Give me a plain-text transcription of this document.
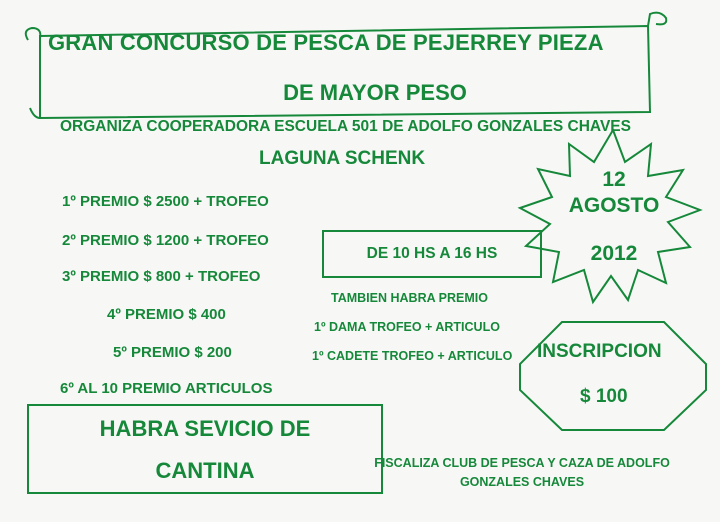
GRAN CONCURSO DE PESCA DE PEJERREY PIEZA
DE MAYOR PESO
ORGANIZA COOPERADORA ESCUELA 501 DE ADOLFO GONZALES CHAVES
LAGUNA SCHENK
1º PREMIO $ 2500 + TROFEO
2º PREMIO $ 1200 + TROFEO
3º PREMIO $ 800 + TROFEO
4º PREMIO $ 400
5º PREMIO $ 200
6º AL 10 PREMIO ARTICULOS
DE 10 HS A 16 HS
TAMBIEN HABRA PREMIO
1º DAMA TROFEO + ARTICULO
1º CADETE TROFEO + ARTICULO
12
AGOSTO
2012
INSCRIPCION
$ 100
HABRA SEVICIO DE
CANTINA	FISCALIZA CLUB DE PESCA Y CAZA DE ADOLFO
GONZALES CHAVES
